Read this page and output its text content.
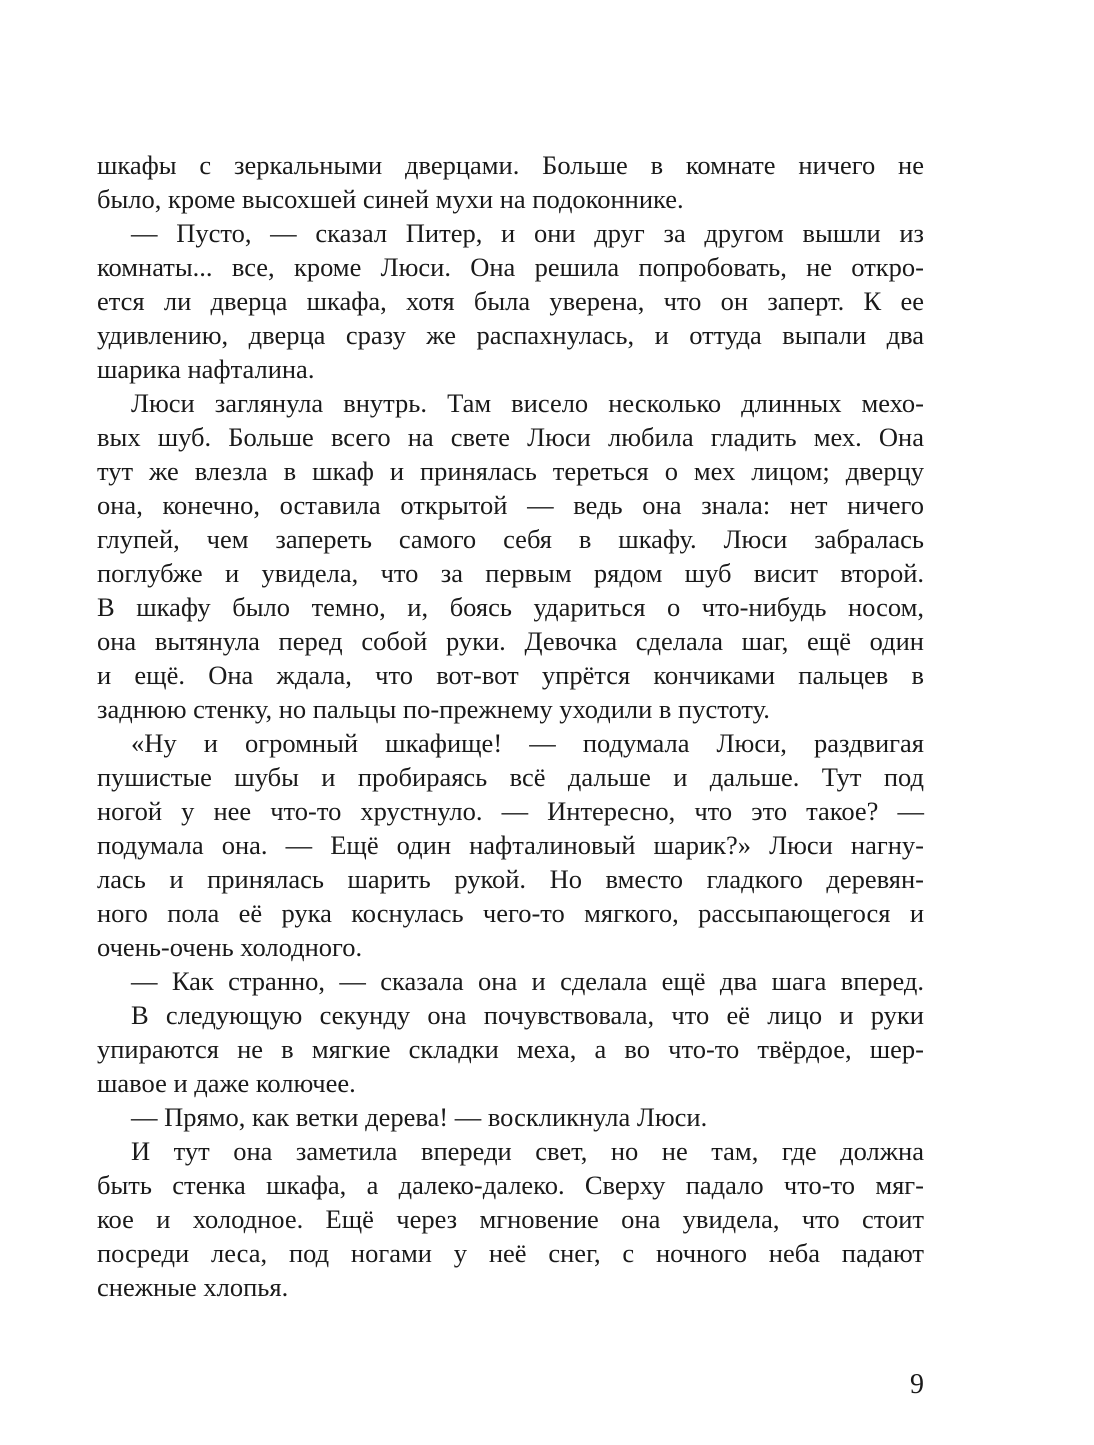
шкафы с зеркальными дверцами. Больше в комнате ничего не
было, кроме высохшей синей мухи на подоконнике.
— Пусто, — сказал Питер, и они друг за другом вышли из
комнаты... все, кроме Люси. Она решила попробовать, не откро-
ется ли дверца шкафа, хотя была уверена, что он заперт. К ее
удивлению, дверца сразу же распахнулась, и оттуда выпали два
шарика нафталина.
Люси заглянула внутрь. Там висело несколько длинных мехо-
вых шуб. Больше всего на свете Люси любила гладить мех. Она
тут же влезла в шкаф и принялась тереться о мех лицом; дверцу
она, конечно, оставила открытой — ведь она знала: нет ничего
глупей, чем запереть самого себя в шкафу. Люси забралась
поглубже и увидела, что за первым рядом шуб висит второй.
В шкафу было темно, и, боясь удариться о что-нибудь носом,
она вытянула перед собой руки. Девочка сделала шаг, ещё один
и ещё. Она ждала, что вот-вот упрётся кончиками пальцев в
заднюю стенку, но пальцы по-прежнему уходили в пустоту.
«Ну и огромный шкафище! — подумала Люси, раздвигая
пушистые шубы и пробираясь всё дальше и дальше. Тут под
ногой у нее что-то хрустнуло. — Интересно, что это такое? —
подумала она. — Ещё один нафталиновый шарик?» Люси нагну-
лась и принялась шарить рукой. Но вместо гладкого деревян-
ного пола её рука коснулась чего-то мягкого, рассыпающегося и
очень-очень холодного.
— Как странно, — сказала она и сделала ещё два шага вперед.
В следующую секунду она почувствовала, что её лицо и руки
упираются не в мягкие складки меха, а во что-то твёрдое, шер-
шавое и даже колючее.
— Прямо, как ветки дерева! — воскликнула Люси.
И тут она заметила впереди свет, но не там, где должна
быть стенка шкафа, а далеко-далеко. Сверху падало что-то мяг-
кое и холодное. Ещё через мгновение она увидела, что стоит
посреди леса, под ногами у неё снег, с ночного неба падают
снежные хлопья.
9
